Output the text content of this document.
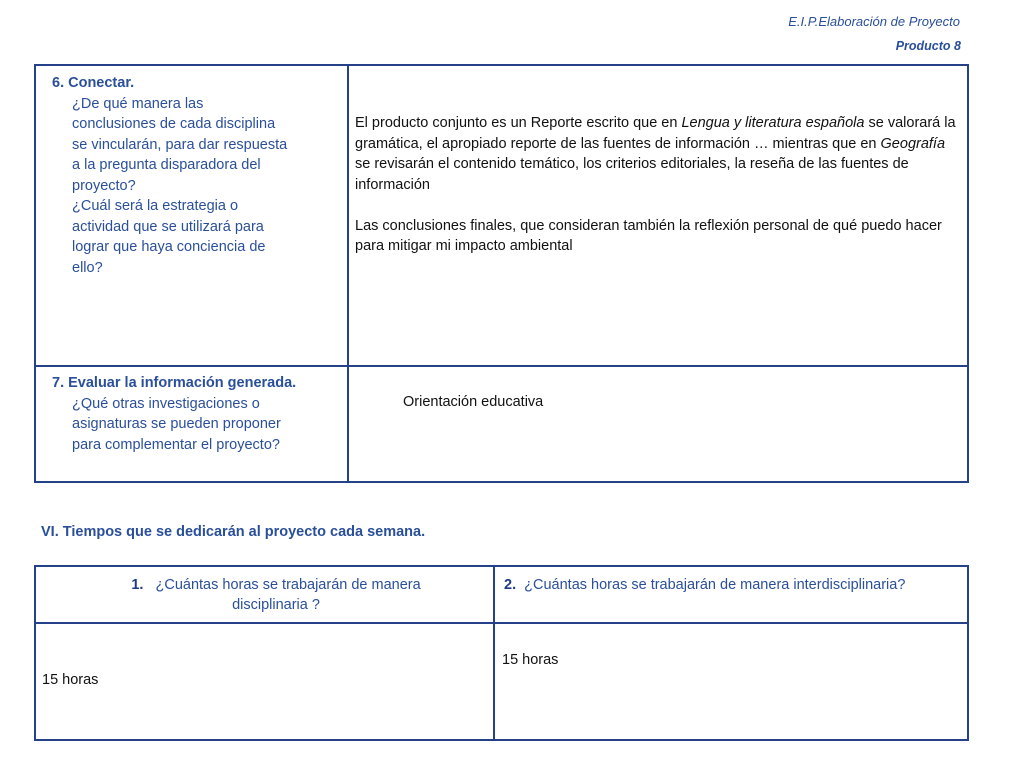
E.I.P.Elaboración de Proyecto
Producto 8
6. Conectar.
¿De qué manera las
conclusiones de cada disciplina
se vincularán, para dar respuesta
a la pregunta disparadora del
proyecto?
¿Cuál será la estrategia o
actividad que se utilizará para
lograr que haya conciencia de
ello?

El producto conjunto es un Reporte escrito que en Lengua y literatura española se valorará la gramática, el apropiado reporte de las fuentes de información … mientras que en Geografía se revisarán el contenido temático, los criterios editoriales, la reseña de las fuentes de información

Las conclusiones finales, que consideran también la reflexión personal de qué puedo hacer para mitigar mi impacto ambiental

7. Evaluar la información generada.
¿Qué otras investigaciones o
asignaturas se pueden proponer
para complementar el proyecto?
Orientación educativa
VI. Tiempos que se dedicarán al proyecto cada semana.
1. ¿Cuántas horas se trabajarán de manera
disciplinaria ?
2. ¿Cuántas horas se trabajarán de manera interdisciplinaria?
15 horas
15 horas
